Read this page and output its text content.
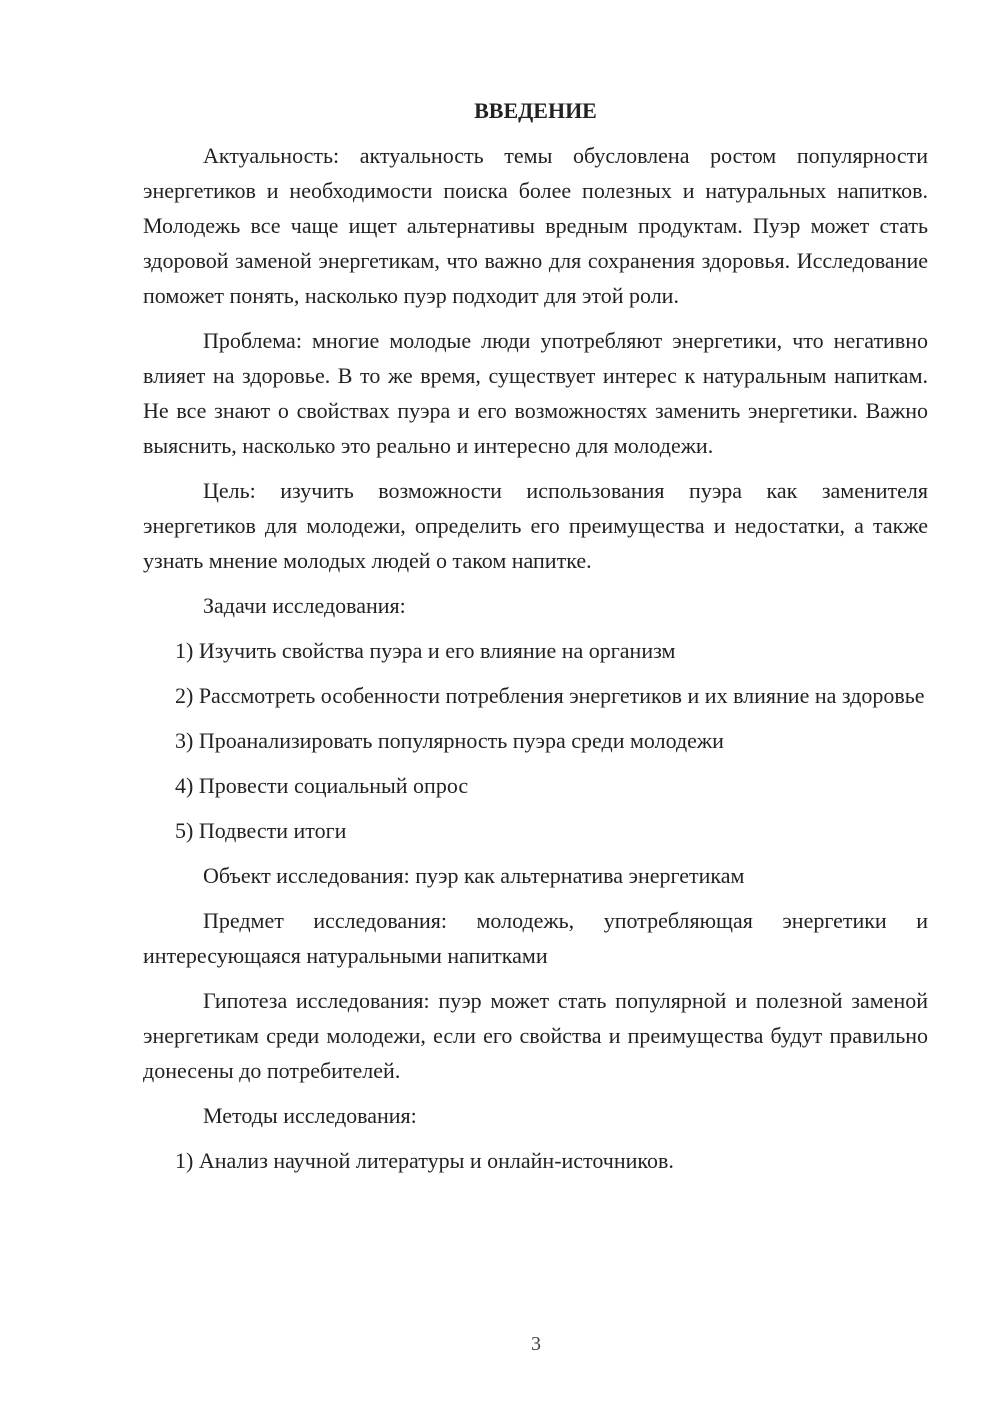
ВВЕДЕНИЕ

Актуальность: актуальность темы обусловлена ростом популярности энергетиков и необходимости поиска более полезных и натуральных напитков. Молодежь все чаще ищет альтернативы вредным продуктам. Пуэр может стать здоровой заменой энергетикам, что важно для сохранения здоровья. Исследование поможет понять, насколько пуэр подходит для этой роли.

Проблема: многие молодые люди употребляют энергетики, что негативно влияет на здоровье. В то же время, существует интерес к натуральным напиткам. Не все знают о свойствах пуэра и его возможностях заменить энергетики. Важно выяснить, насколько это реально и интересно для молодежи.

Цель: изучить возможности использования пуэра как заменителя энергетиков для молодежи, определить его преимущества и недостатки, а также узнать мнение молодых людей о таком напитке.

Задачи исследования:

1) Изучить свойства пуэра и его влияние на организм

2) Рассмотреть особенности потребления энергетиков и их влияние на здоровье

3) Проанализировать популярность пуэра среди молодежи

4) Провести социальный опрос

5) Подвести итоги

Объект исследования: пуэр как альтернатива энергетикам

Предмет исследования: молодежь, употребляющая энергетики и интересующаяся натуральными напитками

Гипотеза исследования: пуэр может стать популярной и полезной заменой энергетикам среди молодежи, если его свойства и преимущества будут правильно донесены до потребителей.

Методы исследования:

1) Анализ научной литературы и онлайн-источников.

3
